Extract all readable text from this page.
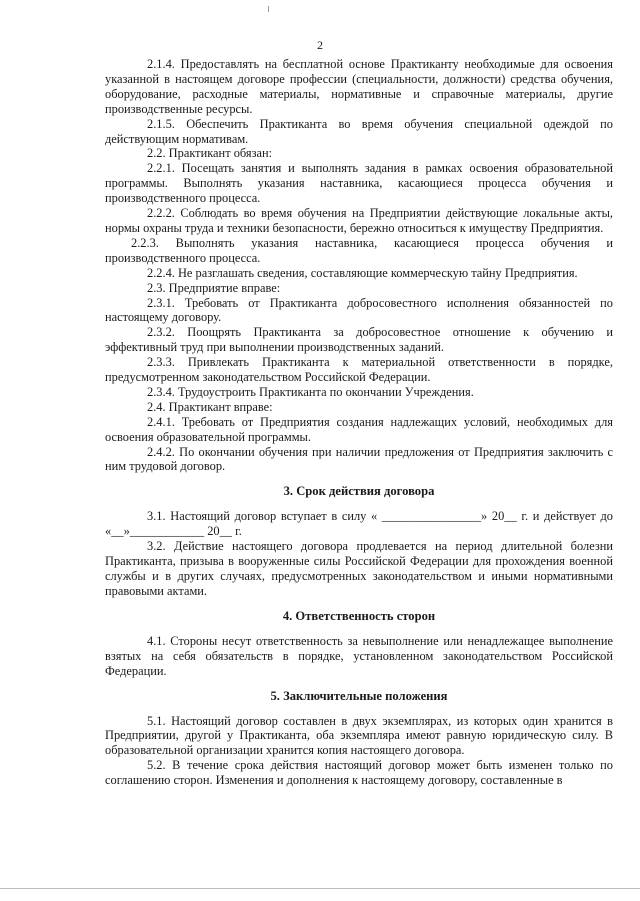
2

2.1.4. Предоставлять на бесплатной основе Практиканту необходимые для освоения указанной в настоящем договоре профессии (специальности, должности) средства обучения, оборудование, расходные материалы, нормативные и справочные материалы, другие производственные ресурсы.

2.1.5. Обеспечить Практиканта во время обучения специальной одеждой по действующим нормативам.

2.2. Практикант обязан:

2.2.1. Посещать занятия и выполнять задания в рамках освоения образовательной программы. Выполнять указания наставника, касающиеся процесса обучения и производственного процесса.

2.2.2. Соблюдать во время обучения на Предприятии действующие локальные акты, нормы охраны труда и техники безопасности, бережно относиться к имуществу Предприятия.

2.2.3. Выполнять указания наставника, касающиеся процесса обучения и производственного процесса.

2.2.4. Не разглашать сведения, составляющие коммерческую тайну Предприятия.

2.3. Предприятие вправе:

2.3.1. Требовать от Практиканта добросовестного исполнения обязанностей по настоящему договору.

2.3.2. Поощрять Практиканта за добросовестное отношение к обучению и эффективный труд при выполнении производственных заданий.

2.3.3. Привлекать Практиканта к материальной ответственности в порядке, предусмотренном законодательством Российской Федерации.

2.3.4. Трудоустроить Практиканта по окончании Учреждения.

2.4. Практикант вправе:

2.4.1. Требовать от Предприятия создания надлежащих условий, необходимых для освоения образовательной программы.

2.4.2. По окончании обучения при наличии предложения от Предприятия заключить с ним трудовой договор.

3. Срок действия договора

3.1. Настоящий договор вступает в силу « ________________» 20__ г. и действует до «__»____________ 20__ г.

3.2. Действие настоящего договора продлевается на период длительной болезни Практиканта, призыва в вооруженные силы Российской Федерации для прохождения военной службы и в других случаях, предусмотренных законодательством и иными нормативными правовыми актами.

4. Ответственность сторон

4.1. Стороны несут ответственность за невыполнение или ненадлежащее выполнение взятых на себя обязательств в порядке, установленном законодательством Российской Федерации.

5. Заключительные положения

5.1. Настоящий договор составлен в двух экземплярах, из которых один хранится в Предприятии, другой у Практиканта, оба экземпляра имеют равную юридическую силу. В образовательной организации хранится копия настоящего договора.

5.2. В течение срока действия настоящий договор может быть изменен только по соглашению сторон. Изменения и дополнения к настоящему договору, составленные в
